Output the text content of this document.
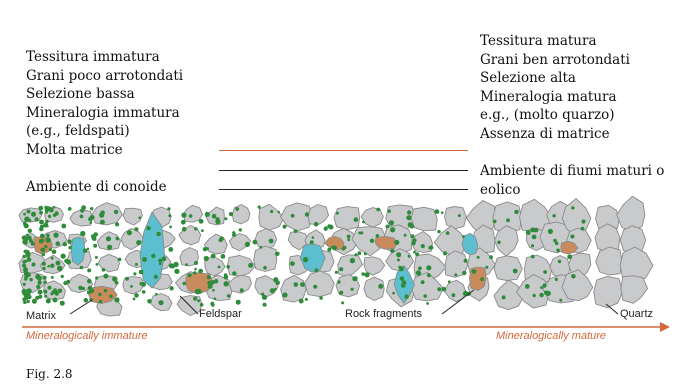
Tessitura immatura
Grani poco arrotondati
Selezione bassa
Mineralogia immatura
(e.g., feldspati)
Molta matrice
Ambiente di conoide
Tessitura matura
Grani ben arrotondati
Selezione alta
Mineralogia matura
e.g., (molto quarzo)
Assenza di matrice
Ambiente di fiumi maturi o eolico
Matrix	Feldspar	Rock fragments	Quartz
Mineralogically immature	Mineralogically mature
Fig. 2.8
